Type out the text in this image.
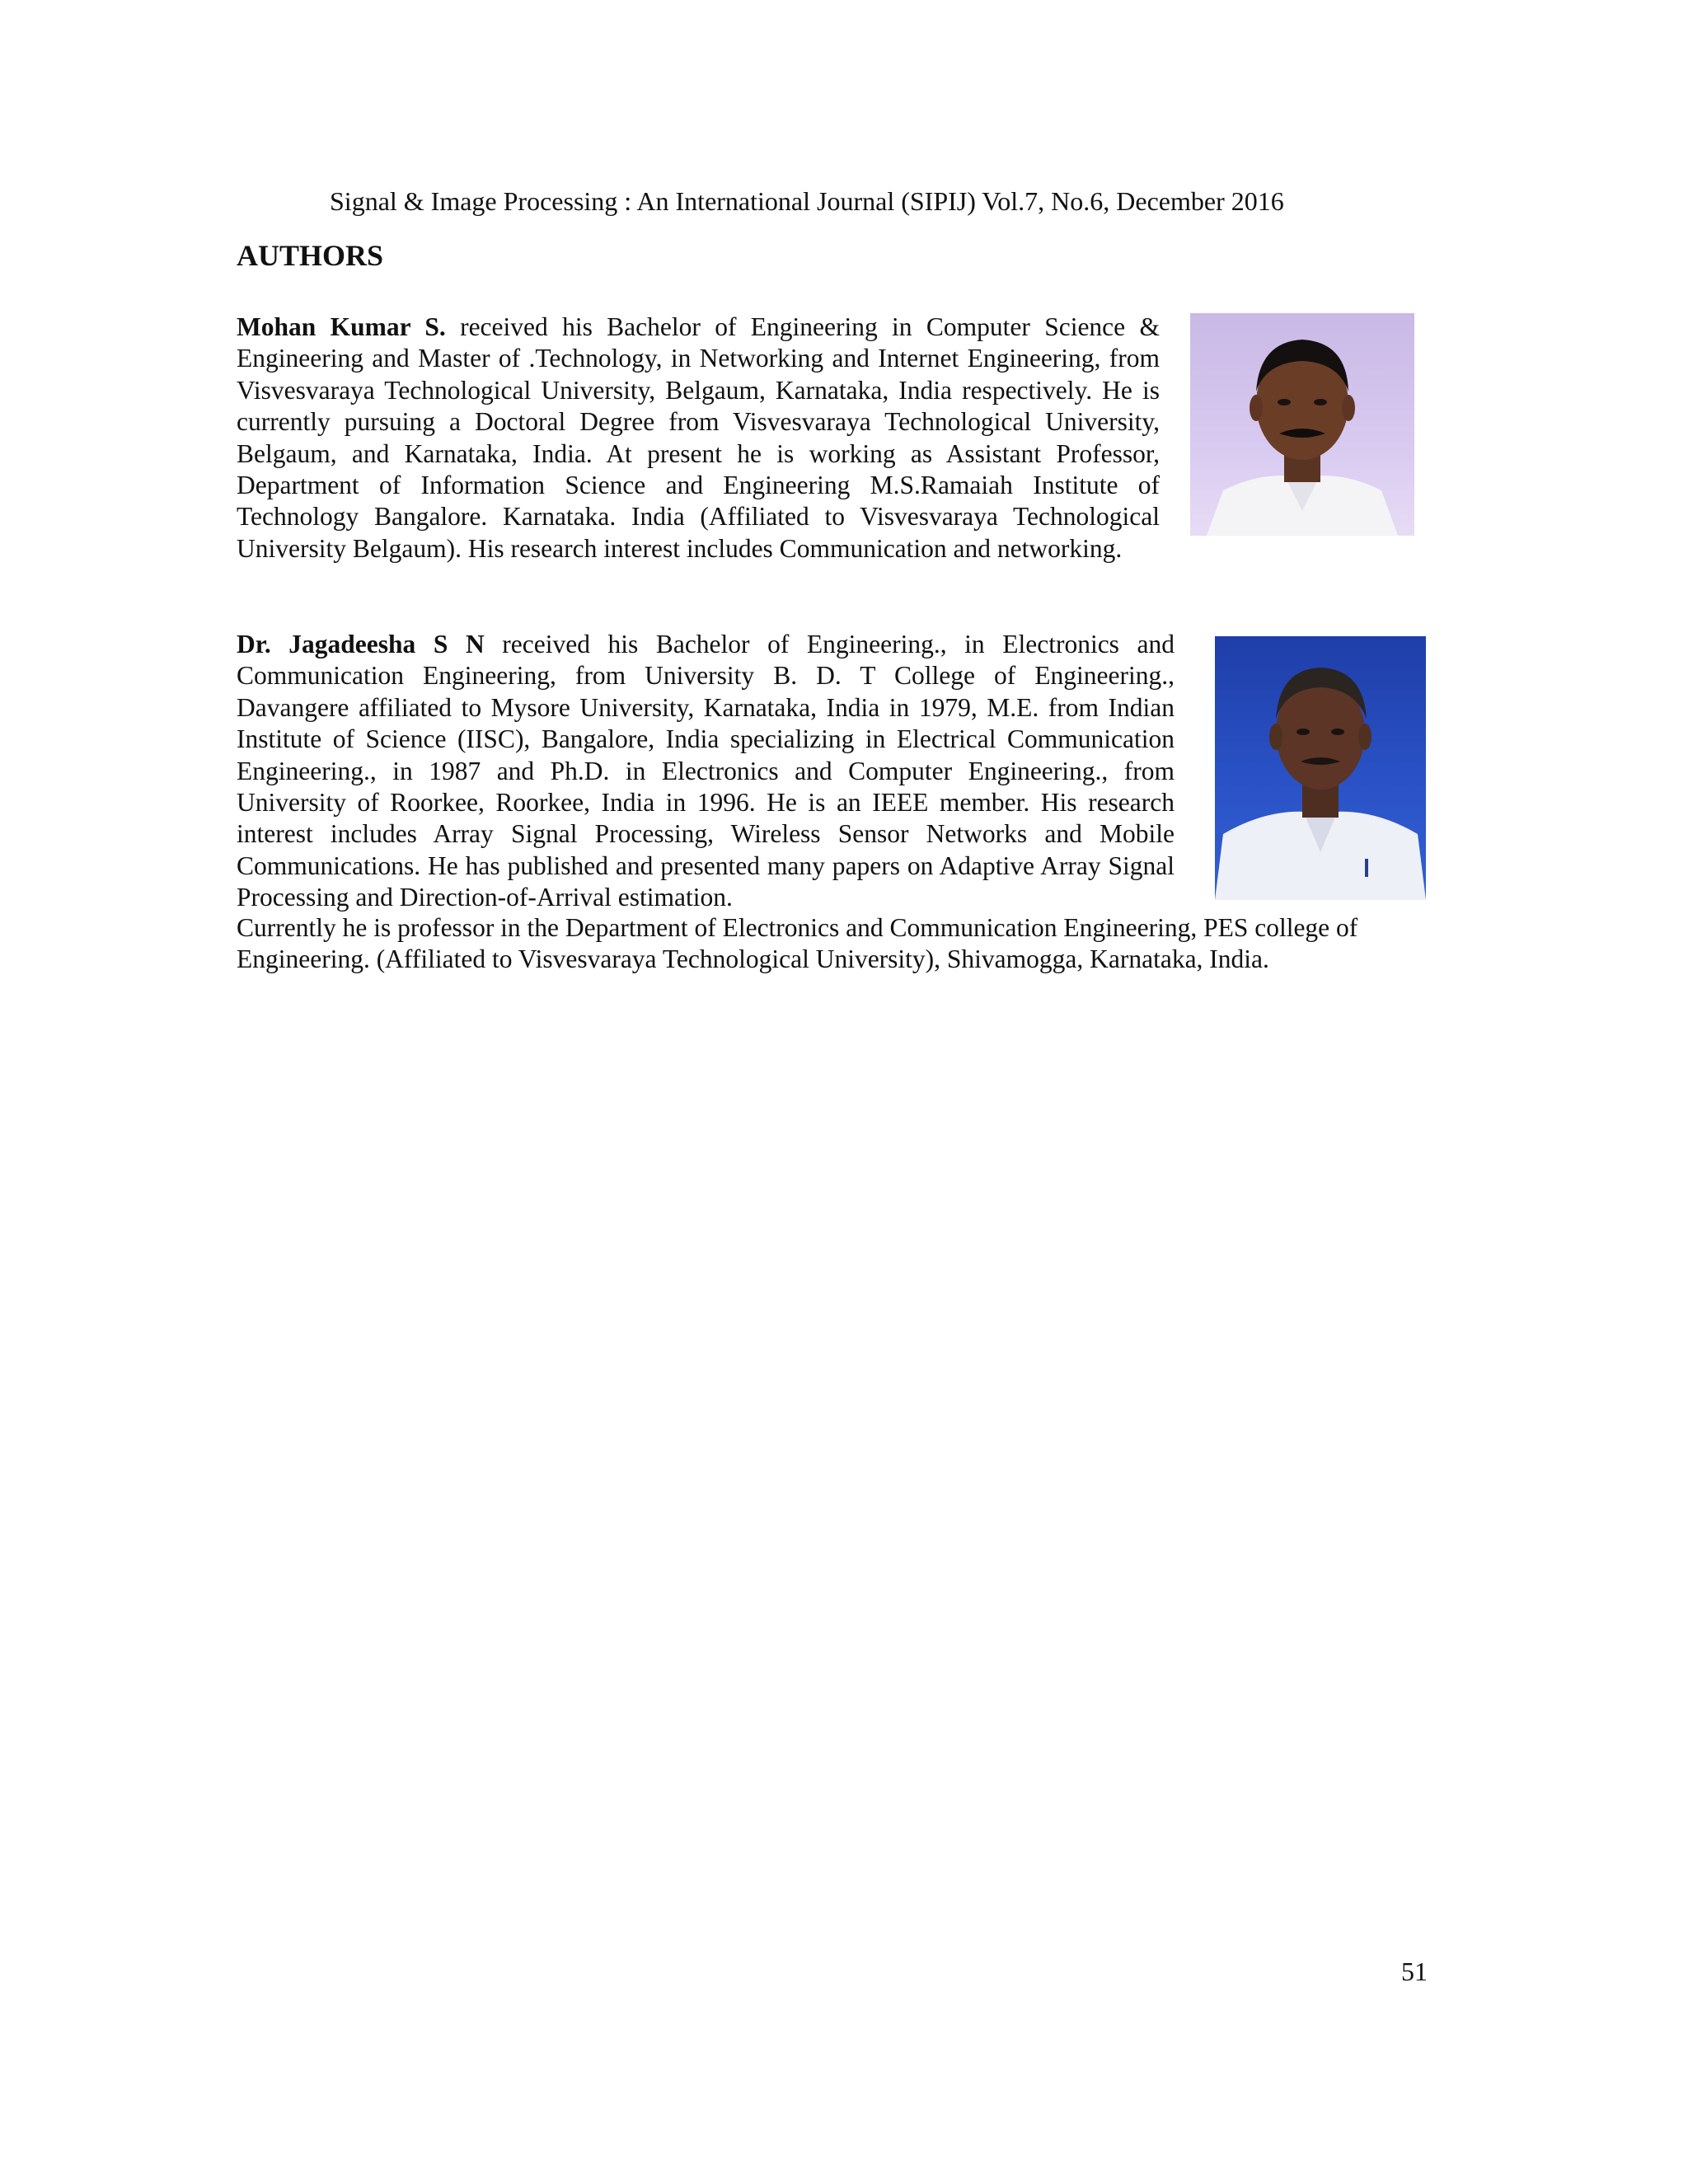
Signal & Image Processing : An International Journal (SIPIJ) Vol.7, No.6, December 2016
AUTHORS
Mohan Kumar S. received his Bachelor of Engineering in Computer Science & Engineering and Master of .Technology, in Networking and Internet Engineering, from Visvesvaraya Technological University, Belgaum, Karnataka, India respectively. He is currently pursuing a Doctoral Degree from Visvesvaraya Technological University, Belgaum, and Karnataka, India. At present he is working as Assistant Professor, Department of Information Science and Engineering M.S.Ramaiah Institute of Technology Bangalore. Karnataka. India (Affiliated to Visvesvaraya Technological University Belgaum). His research interest includes Communication and networking.
Dr. Jagadeesha S N received his Bachelor of Engineering., in Electronics and Communication Engineering, from University B. D. T College of Engineering., Davangere affiliated to Mysore University, Karnataka, India in 1979, M.E. from Indian Institute of Science (IISC), Bangalore, India specializing in Electrical Communication Engineering., in 1987 and Ph.D. in Electronics and Computer Engineering., from University of Roorkee, Roorkee, India in 1996. He is an IEEE member. His research interest includes Array Signal Processing, Wireless Sensor Networks and Mobile Communications. He has published and presented many papers on Adaptive Array Signal Processing and Direction-of-Arrival estimation.
Currently he is professor in the Department of Electronics and Communication Engineering, PES college of Engineering. (Affiliated to Visvesvaraya Technological University), Shivamogga, Karnataka, India.
51
